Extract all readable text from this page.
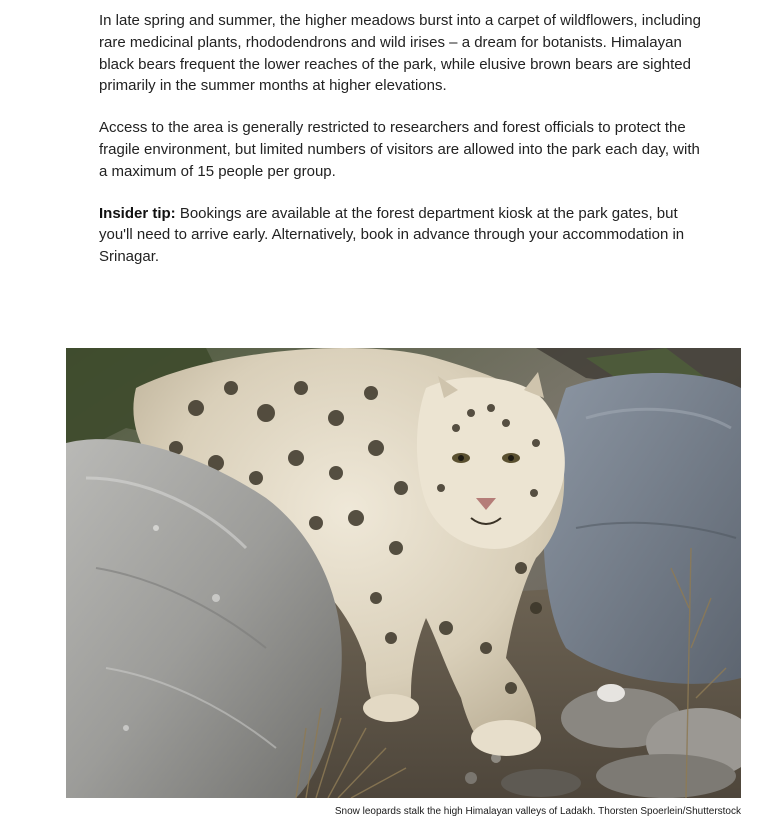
In late spring and summer, the higher meadows burst into a carpet of wildflowers, including rare medicinal plants, rhododendrons and wild irises – a dream for botanists. Himalayan black bears frequent the lower reaches of the park, while elusive brown bears are sighted primarily in the summer months at higher elevations.

Access to the area is generally restricted to researchers and forest officials to protect the fragile environment, but limited numbers of visitors are allowed into the park each day, with a maximum of 15 people per group.

Insider tip: Bookings are available at the forest department kiosk at the park gates, but you'll need to arrive early. Alternatively, book in advance through your accommodation in Srinagar.

Snow leopards stalk the high Himalayan valleys of Ladakh. Thorsten Spoerlein/Shutterstock
